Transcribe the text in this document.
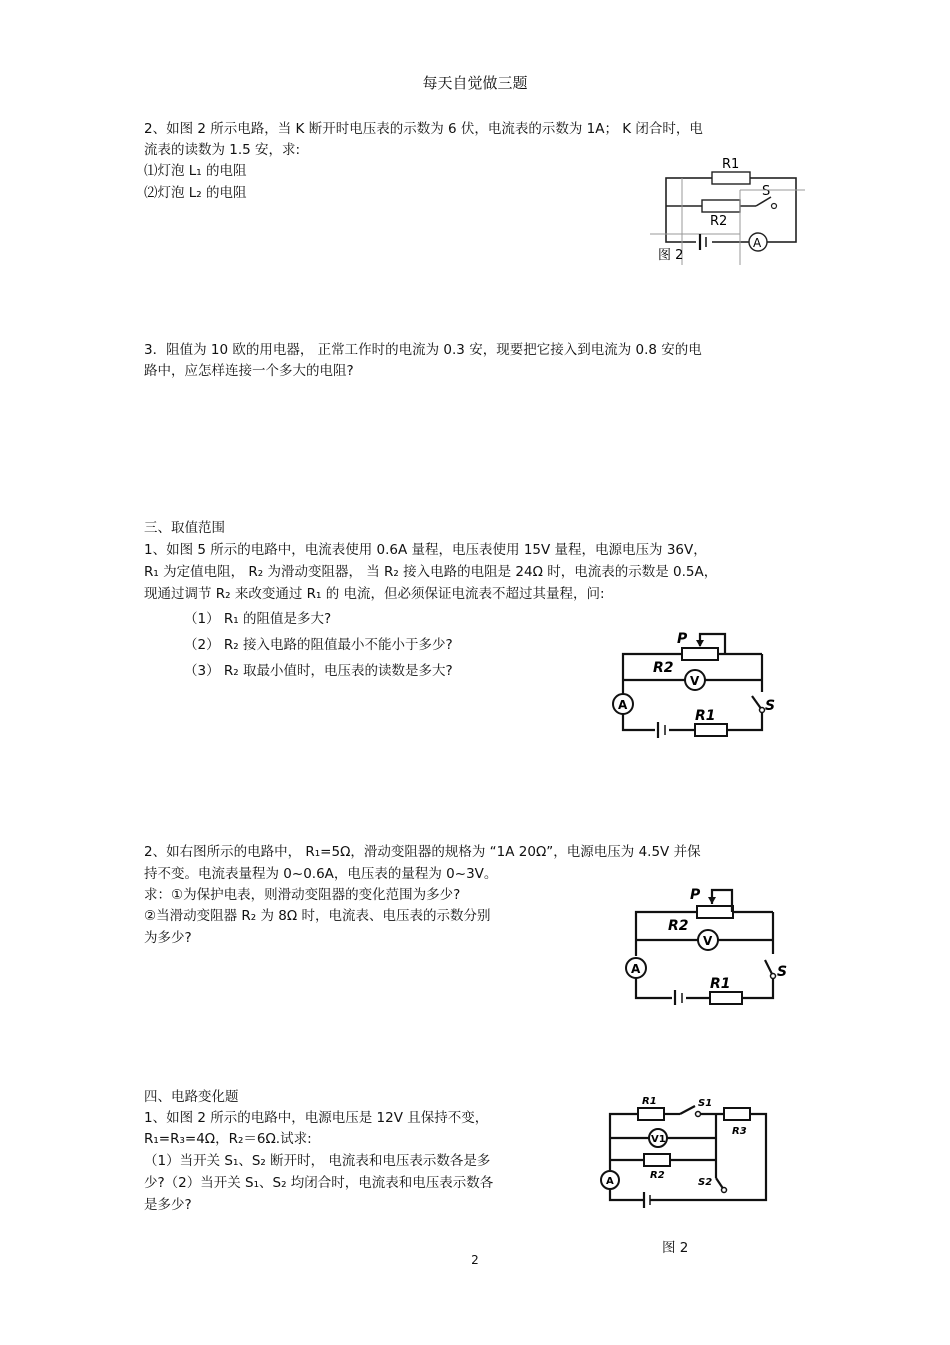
每天自觉做三题
2、如图 2 所示电路，当 K 断开时电压表的示数为 6 伏，电流表的示数为 1A； K 闭合时，电
流表的读数为 1.5 安，求:
⑴灯泡 L₁ 的电阻
⑵灯泡 L₂ 的电阻
R1
R2
S
A
图 2
3．阻值为 10 欧的用电器， 正常工作时的电流为 0.3 安，现要把它接入到电流为 0.8 安的电
路中，应怎样连接一个多大的电阻?
三、取值范围
1、如图 5 所示的电路中，电流表使用 0.6A 量程，电压表使用 15V 量程，电源电压为 36V，
R₁ 为定值电阻， R₂ 为滑动变阻器， 当 R₂ 接入电路的电阻是 24Ω 时，电流表的示数是 0.5A，
现通过调节 R₂ 来改变通过 R₁ 的 电流，但必须保证电流表不超过其量程，问:
（1） R₁ 的阻值是多大?
（2） R₂ 接入电路的阻值最小不能小于多少?
（3） R₂ 取最小值时，电压表的读数是多大?
P
R2
V
A	S
R1
2、如右图所示的电路中， R₁=5Ω，滑动变阻器的规格为 “1A 20Ω”，电源电压为 4.5V 并保
持不变。电流表量程为 0~0.6A，电压表的量程为 0~3V。
求：①为保护电表，则滑动变阻器的变化范围为多少?
②当滑动变阻器 R₂ 为 8Ω 时，电流表、电压表的示数分别
为多少?
P
R2
V
A	S
R1
四、电路变化题
1、如图 2 所示的电路中，电源电压是 12V 且保持不变，
R₁=R₃=4Ω，R₂＝6Ω.试求:
（1）当开关 S₁、S₂ 断开时， 电流表和电压表示数各是多
少?（2）当开关 S₁、S₂ 均闭合时，电流表和电压表示数各
是多少?
R1	S1
R3
V1
R2
S2
A
图 2
2
